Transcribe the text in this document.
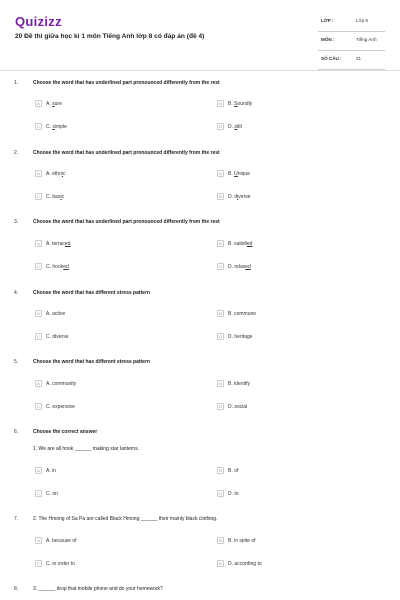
Quizizz
20 Đề thi giữa học kì 1 môn Tiếng Anh lớp 8 có đáp án (đề 4)
LỚP :	Lớp 8
MÔN :	Tiếng Anh
SỐ CÂU :	21
1.	Choose the word that has underlined part pronounced differently from the rest
A	A. sure	B	B. Soundly
C	C. simple	D	D. stilt
2.	Choose the word that has underlined part pronounced differently from the rest
A	A. ethnic	B	B. Unique
C	C. basic	D	D. diverse
3.	Choose the word that has underlined part pronounced differently from the rest
A	A. terraced	B	B. satisfied
C	C. hooked	D	D. relaxed
4.	Choose the word that has different stress pattern
A	A. active	B	B. commune
C	C. diverse	D	D. heritage
5.	Choose the word that has different stress pattern
A	A. community	B	B. identify
C	C. expensive	D	D. social
6.	Choose the correct answer
1. We are all hook ______ making star lanterns.
A	A. in	B	B. of
C	C. on	D	D. to
7.	2. The Hmong of Sa Pa are called Black Hmong ______ their mainly black clothing.
A	A. because of	B	B. in spite of
C	C. in order to	D	D. according to
8.	3. ______ drop that mobile phone and do your homework?
